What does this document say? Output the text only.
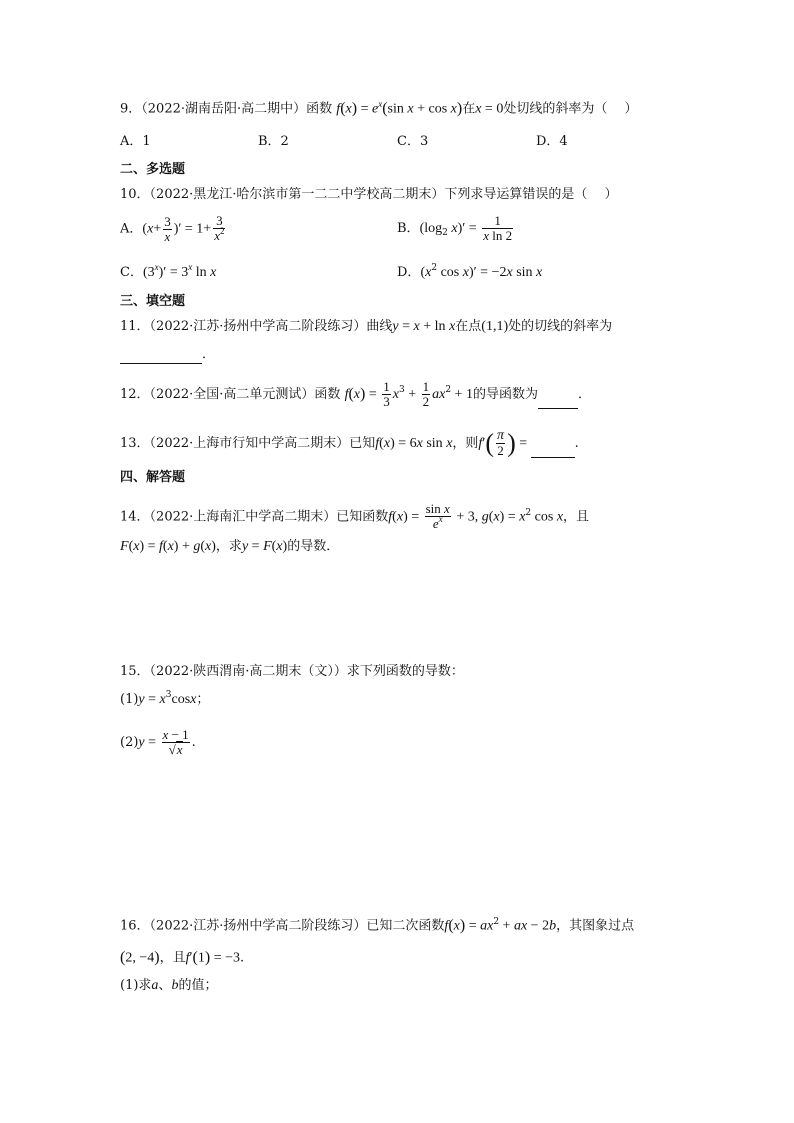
9．（2022·湖南岳阳·高二期中）函数 $f(x) = e^x(\sin$ x + cos x)在x = 0处切线的斜率为（　 ）
A．1	B．2	C．3	D．4
二、多选题
10．（2022·黑龙江·哈尔滨市第一二二中学校高二期末）下列求导运算错误的是（　 ）
A．($x+ \frac{3}{x}$ )′ = $1+ \frac{3}{x^2}$	B．($\log_2$ $x)' = \frac{1}{\text{x ln 2}}$
C．$(3^x)' = 3^x$ ln x	D．($x^2$ cos x)′ = −2x sin x
三、填空题
11．（2022·江苏·扬州中学高二阶段练习）曲线y = x + ln x在点(1,1)处的切线的斜率为
．
12．（2022·全国·高二单元测试）函数 $f(x) = \frac{1}{3} x^3 + \frac{1}{2} ax^2 + 1$的导函数为	．
13．（2022·上海市行知中学高二期末）已知f(x) = 6x sin x，则$f'( \frac{\pi}{2}$ ) =	.
四、解答题
14．（2022·上海南汇中学高二期末）已知函数$f(x) = \frac{\text{sin x}}{e^x} + 3$, $g(x) = x^2$ cos x，且
F(x) = f(x) + g(x)，求y = F(x)的导数．
15．（2022·陕西渭南·高二期末（文））求下列函数的导数：
$(1)y = x^3\cos x$；
$(2)y = \frac{x - 1}{√x}$ .
16．（2022·江苏·扬州中学高二阶段练习）已知二次函数$f(x) = ax^2$ + ax − 2b，其图象过点
(2, −4)，且f′(1) = −3.
(1)求a、b的值；
